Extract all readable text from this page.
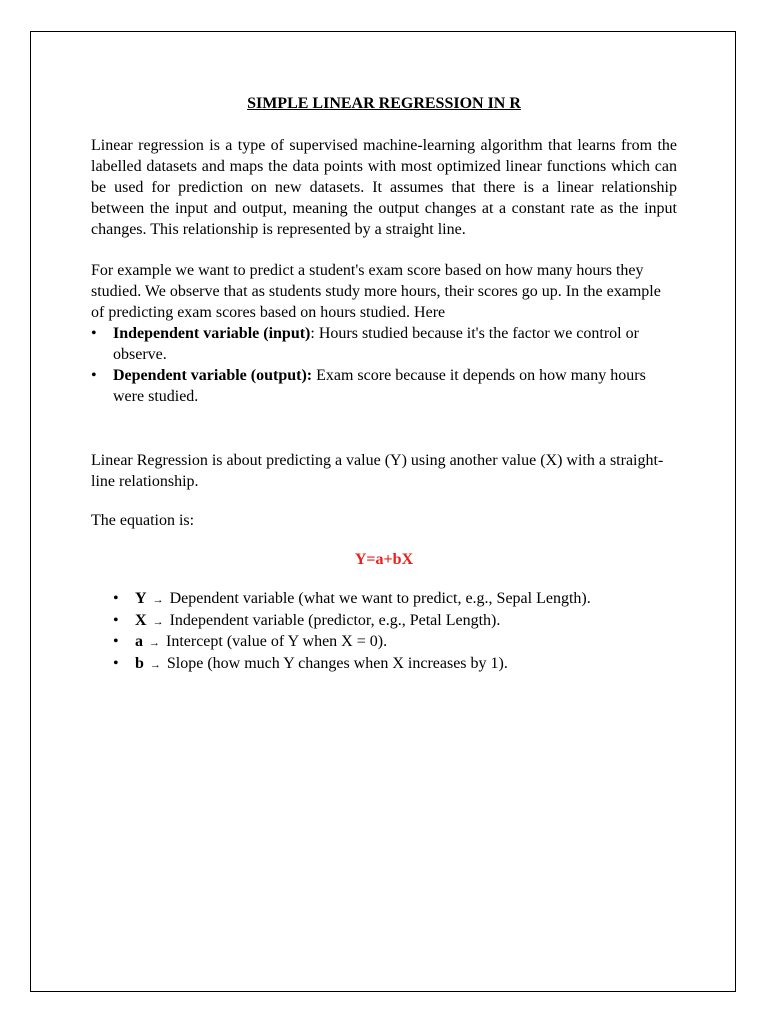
SIMPLE LINEAR REGRESSION IN R

Linear regression is a type of supervised machine-learning algorithm that learns from the labelled datasets and maps the data points with most optimized linear functions which can be used for prediction on new datasets. It assumes that there is a linear relationship between the input and output, meaning the output changes at a constant rate as the input changes. This relationship is represented by a straight line.

For example we want to predict a student's exam score based on how many hours they studied. We observe that as students study more hours, their scores go up. In the example of predicting exam scores based on hours studied. Here

• Independent variable (input): Hours studied because it's the factor we control or observe.
• Dependent variable (output): Exam score because it depends on how many hours were studied.

Linear Regression is about predicting a value (Y) using another value (X) with a straight-line relationship.

The equation is:

Y=a+bX

• Y → Dependent variable (what we want to predict, e.g., Sepal Length).
• X → Independent variable (predictor, e.g., Petal Length).
• a → Intercept (value of Y when X = 0).
• b → Slope (how much Y changes when X increases by 1).
